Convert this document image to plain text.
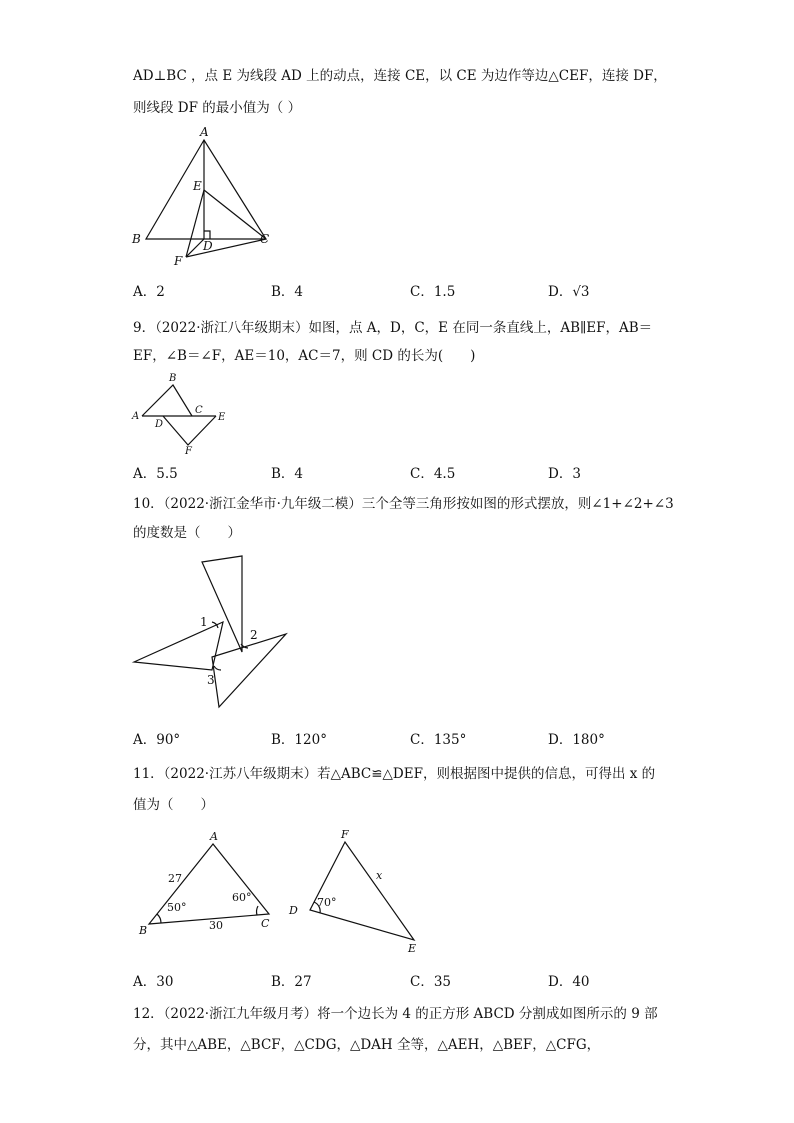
AD⊥BC ，点 E 为线段 AD 上的动点，连接 CE，以 CE 为边作等边△CEF，连接 DF，
则线段 DF 的最小值为（ ）
A
B	C
D
E
F
A．2	B．4	C．1.5	D．√3
9．（2022·浙江八年级期末）如图，点 A，D，C，E 在同一条直线上，AB∥EF，AB＝
EF，∠B＝∠F，AE＝10，AC＝7，则 CD 的长为(　　)
A
B
C
D
E
F
A．5.5	B．4	C．4.5	D．3
10．（2022·浙江金华市·九年级二模）三个全等三角形按如图的形式摆放，则∠1+∠2+∠3
的度数是（　　）
1
2
3
A．90°	B．120°	C．135°	D．180°
11．（2022·江苏八年级期末）若△ABC≌△DEF，则根据图中提供的信息，可得出 x 的
值为（　　）
A
B
C
27
30
50°
60°
F
D
E
70°
x
A．30	B．27	C．35	D．40
12．（2022·浙江九年级月考）将一个边长为 4 的正方形 ABCD 分割成如图所示的 9 部
分，其中△ABE，△BCF，△CDG，△DAH 全等，△AEH，△BEF，△CFG，
